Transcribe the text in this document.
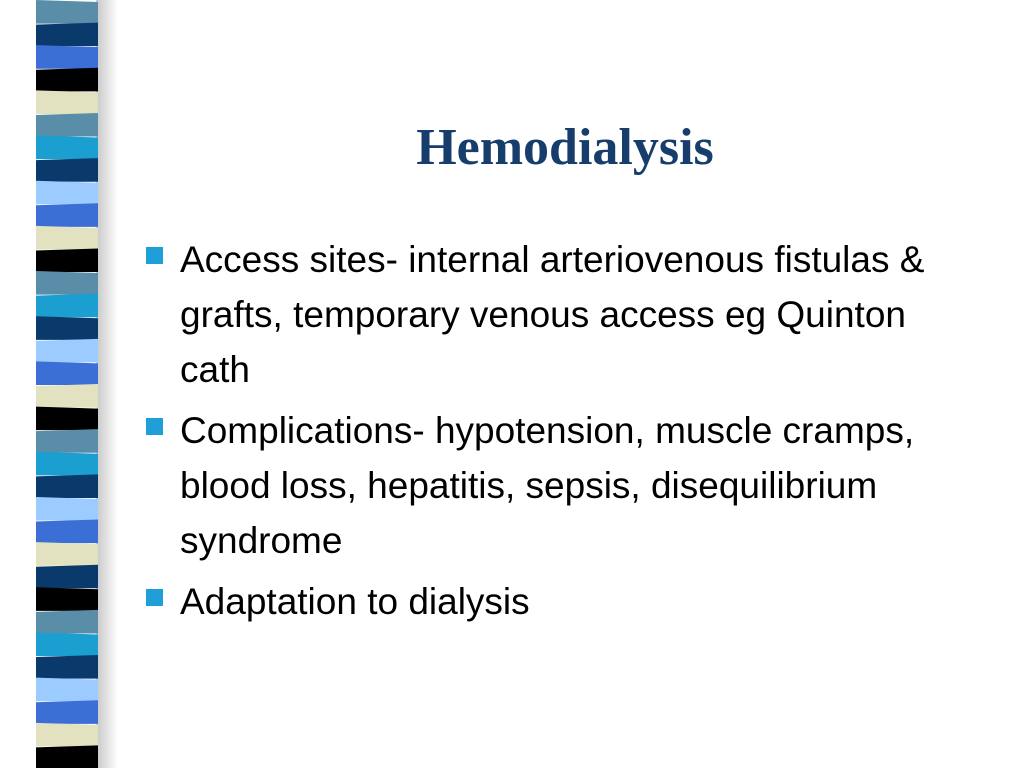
Hemodialysis
Access sites- internal arteriovenous fistulas & grafts, temporary venous access eg Quinton cath
Complications- hypotension, muscle cramps, blood loss, hepatitis, sepsis, disequilibrium syndrome
Adaptation to dialysis
